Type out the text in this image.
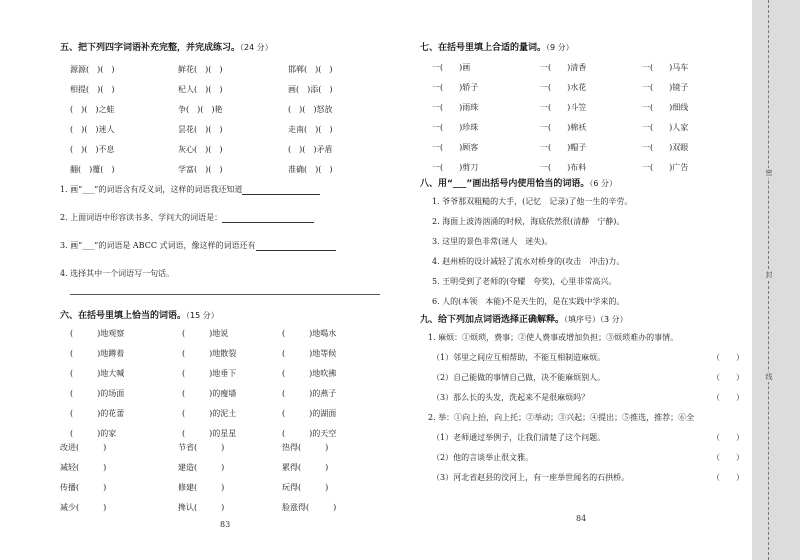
五、把下列四字词语补充完整，并完成练习。（24 分）
源源(　)(　)	鲜花(　)(　)	邯郸(　)(　)
相提(　)(　)	杞人(　)(　)	画(　)添(　)
(　)(　)之蛙	争(　)(　)艳	(　)(　)怒放
(　)(　)迷人	昙花(　)(　)	走南(　)(　)
(　)(　)不息	灰心(　)(　)	(　)(　)矛盾
翻(　)覆(　)	学富(　)(　)	准确(　)(　)
1. 画“___”的词语含有反义词，这样的词语我还知道
2. 上面词语中形容读书多、学问大的词语是：
3. 画“___”的词语是 ABCC 式词语，像这样的词语还有
4. 选择其中一个词语写一句话。
六、在括号里填上恰当的词语。（15 分）
(　　　)地观察	(　　　)地说	(　　　)地喝水
(　　　)地蹲着	(　　　)地散裂	(　　　)地等候
(　　　)地大喊	(　　　)地垂下	(　　　)地吹拂
(　　　)的场面	(　　　)的瘦墙	(　　　)的燕子
(　　　)的花蕾	(　　　)的泥土	(　　　)的湖面
(　　　)的家	(　　　)的星星	(　　　)的天空
改进(　　　)	节省(　　　)	热得(　　　)
减轻(　　　)	建造(　　　)	累得(　　　)
传播(　　　)	修建(　　　)	玩得(　　　)
减少(　　　)	搀认(　　　)	脸涨得(　　　)
83
七、在括号里填上合适的量词。（9 分）
一(　　)画	一(　　)清香	一(　　)马车
一(　　)轿子	一(　　)水花	一(　　)镜子
一(　　)雨珠	一(　　)斗笠	一(　　)细线
一(　　)珍珠	一(　　)棉袄	一(　　)人家
一(　　)顾客	一(　　)帽子	一(　　)双眼
一(　　)剪刀	一(　　)布料	一(　　)广告
八、用“___”画出括号内使用恰当的词语。（6 分）
1. 爷爷那双粗糙的大手，(记忆　记录)了他一生的辛劳。
2. 海面上波涛汹涌的时候，海底依然很(清静　宁静)。
3. 这里的景色非常(迷人　迷失)。
4. 赵州桥的设计减轻了流水对桥身的(攻击　冲击)力。
5. 王明受到了老师的(夸耀　夸奖)，心里非常高兴。
6. 人的(本领　本能)不是天生的，是在实践中学来的。
九、给下列加点词语选择正确解释。（填序号）（3 分）
1. 麻烦：①烦琐，费事；②使人费事或增加负担；③烦琐难办的事情。
（1）邻里之间应互相帮助，不能互相制造麻烦。	（　　）
（2）自己能做的事情自己做，决不能麻烦别人。	（　　）
（3）那么长的头发，洗起来不是很麻烦吗？	（　　）
2. 举：①向上抬，向上托；②举动；③兴起；④提出；⑤推选，推荐；⑥全
（1）老师通过举例子，让我们清楚了这个问题。	（　　）
（2）他的言谈举止很文雅。	（　　）
（3）河北省赵县的洨河上，有一座举世闻名的石拱桥。	（　　）
84
密
封
线
